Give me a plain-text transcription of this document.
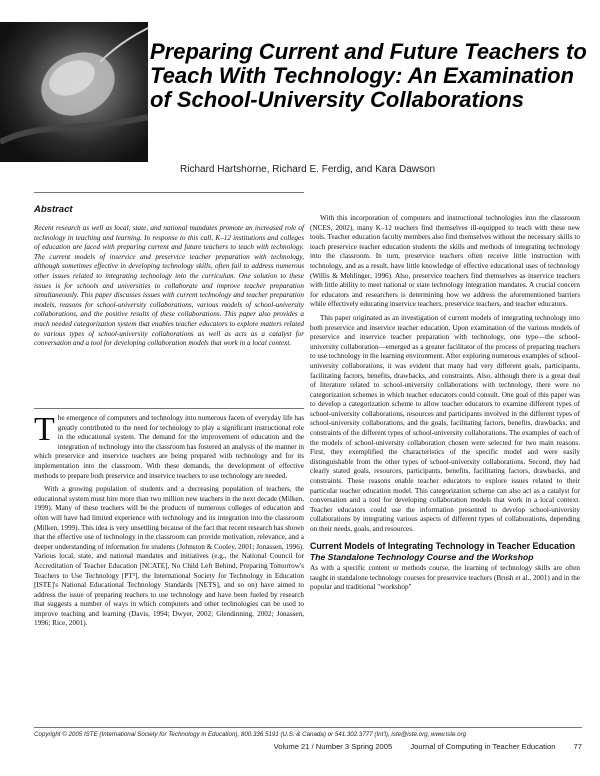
Preparing Current and Future Teachers to Teach With Technology: An Examination of School-University Collaborations
Richard Hartshorne, Richard E. Ferdig, and Kara Dawson
Abstract

Recent research as well as local, state, and national mandates promote an increased role of technology in teaching and learning. In response to this call, K–12 institutions and colleges of education are faced with preparing current and future teachers to teach with technology. The current models of inservice and preservice teacher preparation with technology, although sometimes effective in developing technology skills, often fail to address numerous other issues related to integrating technology into the curriculum. One solution to these issues is for schools and universities to collaborate and improve teacher preparation simultaneously. This paper discusses issues with current technology and teacher preparation models, reasons for school-university collaborations, various models of school-university collaborations, and the positive results of these collaborations. This paper also provides a much needed categorization system that enables teacher educators to explore matters related to various types of school-university collaborations as well as acts as a catalyst for conversation and a tool for developing collaboration models that work in a local context.

The emergence of computers and technology into numerous facets of everyday life has greatly contributed to the need for technology to play a significant instructional role in the educational system. The demand for the improvement of education and the integration of technology into the classroom has fostered an analysis of the manner in which preservice and inservice teachers are being prepared with technology and for its implementation into the classroom. With these demands, the development of effective methods to prepare both preservice and inservice teachers to use technology are needed.

With a growing population of students and a decreasing population of teachers, the educational system must hire more than two million new teachers in the next decade (Milken, 1999). Many of these teachers will be the products of numerous colleges of education and often will have had limited experience with technology and its integration into the classroom (Milken, 1999). This idea is very unsettling because of the fact that recent research has shown that the effective use of technology in the classroom can provide motivation, relevance, and a deeper understanding of information for students (Johnston & Cooley, 2001; Jonassen, 1996). Various local, state, and national mandates and initiatives (e.g., the National Council for Accreditation of Teacher Education [NCATE], No Child Left Behind, Preparing Tomorrow's Teachers to Use Technology [PT³], the International Society for Technology in Education [ISTE]'s National Educational Technology Standards [NETS], and so on) have aimed to address the issue of preparing teachers to use technology and have been fueled by research that suggests a number of ways in which computers and other technologies can be used to improve teaching and learning (Davis, 1994; Dwyer, 2002; Glendinning, 2002; Jonassen, 1996; Rice, 2001).

With this incorporation of computers and instructional technologies into the classroom (NCES, 2002), many K–12 teachers find themselves ill-equipped to teach with these new tools. Teacher education faculty members also find themselves without the necessary skills to teach preservice teacher education students the skills and methods of integrating technology into the classroom. In turn, preservice teachers often receive little instruction with technology, and as a result, have little knowledge of effective educational uses of technology (Willis & Mehlinger, 1996). Also, preservice teachers find themselves as inservice teachers with little ability to meet national or state technology integration mandates. A crucial concern for educators and researchers is determining how we address the aforementioned barriers while effectively educating inservice teachers, preservice teachers, and teacher educators.

This paper originated as an investigation of current models of integrating technology into both preservice and inservice teacher education. Upon examination of the various models of preservice and inservice teacher preparation with technology, one type—the school-university collaboration—emerged as a greater facilitator of the process of preparing teachers to use technology in the learning environment. After exploring numerous examples of school-university collaborations, it was evident that many had very different goals, participants, facilitating factors, benefits, drawbacks, and constraints. Also, although there is a great deal of literature related to school-university collaborations with technology, there were no categorization schemes in which teacher educators could consult. One goal of this paper was to develop a categorization scheme to allow teacher educators to examine different types of school-university collaborations, resources and participants involved in the different types of school-university collaborations, and the goals, facilitating factors, benefits, drawbacks, and constraints of the different types of school-university collaborations. The examples of each of the models of school-university collaboration chosen were selected for two main reasons. First, they exemplified the characteristics of the specific model and were easily distinguishable from the other types of school-university collaborations. Second, they had clearly stated goals, resources, participants, benefits, facilitating factors, drawbacks, and constraints. These reasons enable teacher educators to explore issues related to their particular teacher education model. This categorization scheme can also act as a catalyst for conversation and a tool for developing collaboration models that work in a local context. Teacher educators could use the information presented to develop school-university collaborations by integrating various aspects of different types of collaborations, depending on their needs, goals, and resources.

Current Models of Integrating Technology in Teacher Education
The Standalone Technology Course and the Workshop

As with a specific content or methods course, the learning of technology skills are often taught in standalone technology courses for preservice teachers (Brush et al., 2001) and in the popular and traditional "workshop"

Copyright © 2005 ISTE (International Society for Technology in Education), 800.336.5191 (U.S. & Canada) or 541.302.3777 (Int'l), iste@iste.org, www.iste.org
Volume 21 / Number 3 Spring 2005 Journal of Computing in Teacher Education 77
